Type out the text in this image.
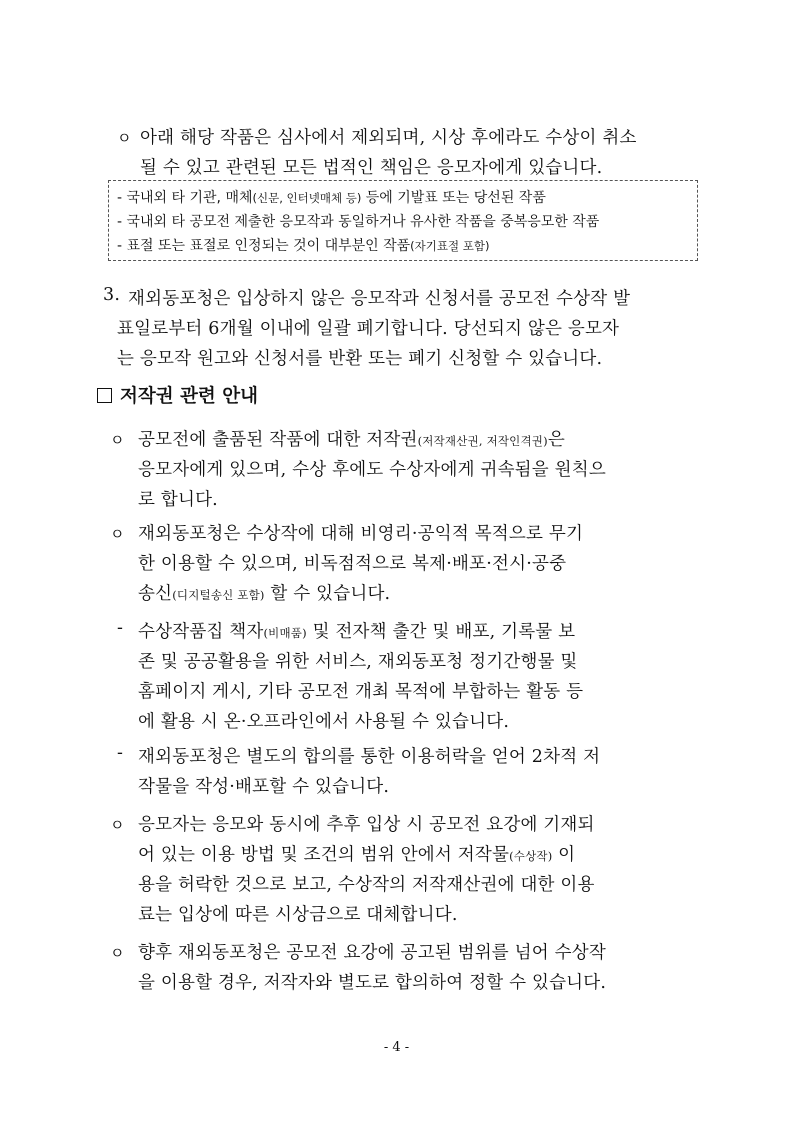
ㅇ 아래 해당 작품은 심사에서 제외되며, 시상 후에라도 수상이 취소
될 수 있고 관련된 모든 법적인 책임은 응모자에게 있습니다.
- 국내외 타 기관, 매체(신문, 인터넷매체 등) 등에 기발표 또는 당선된 작품
- 국내외 타 공모전 제출한 응모작과 동일하거나 유사한 작품을 중복응모한 작품
- 표절 또는 표절로 인정되는 것이 대부분인 작품(자기표절 포함)
3. 재외동포청은 입상하지 않은 응모작과 신청서를 공모전 수상작 발
표일로부터 6개월 이내에 일괄 폐기합니다. 당선되지 않은 응모자
는 응모작 원고와 신청서를 반환 또는 폐기 신청할 수 있습니다.
저작권 관련 안내
ㅇ 공모전에 출품된 작품에 대한 저작권(저작재산권, 저작인격권)은
응모자에게 있으며, 수상 후에도 수상자에게 귀속됨을 원칙으
로 합니다.
ㅇ 재외동포청은 수상작에 대해 비영리·공익적 목적으로 무기
한 이용할 수 있으며, 비독점적으로 복제·배포·전시·공중
송신(디지털송신 포함) 할 수 있습니다.
- 수상작품집 책자(비매품) 및 전자책 출간 및 배포, 기록물 보
존 및 공공활용을 위한 서비스, 재외동포청 정기간행물 및
홈페이지 게시, 기타 공모전 개최 목적에 부합하는 활동 등
에 활용 시 온·오프라인에서 사용될 수 있습니다.
- 재외동포청은 별도의 합의를 통한 이용허락을 얻어 2차적 저
작물을 작성·배포할 수 있습니다.
ㅇ 응모자는 응모와 동시에 추후 입상 시 공모전 요강에 기재되
어 있는 이용 방법 및 조건의 범위 안에서 저작물(수상작) 이
용을 허락한 것으로 보고, 수상작의 저작재산권에 대한 이용
료는 입상에 따른 시상금으로 대체합니다.
ㅇ 향후 재외동포청은 공모전 요강에 공고된 범위를 넘어 수상작
을 이용할 경우, 저작자와 별도로 합의하여 정할 수 있습니다.
- 4 -
